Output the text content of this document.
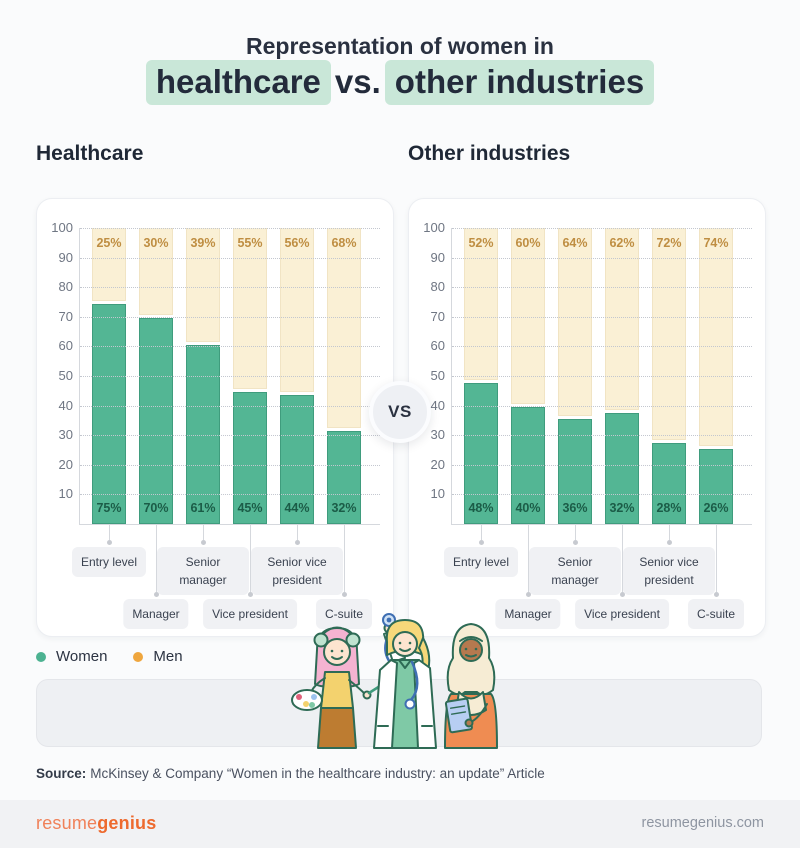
Representation of women in
healthcare vs. other industries
Healthcare	Other industries
25%
75%
Entry level
30%
70%
Manager
39%
61%
Senior manager
55%
45%
Vice president
56%
44%
Senior vice president
68%
32%
C-suite
10
20
30
40
50
60
70
80
90
100
52%
48%
Entry level
60%
40%
Manager
64%
36%
Senior manager
62%
32%
Vice president
72%
28%
Senior vice president
74%
26%
C-suite
10
20
30
40
50
60
70
80
90
100
VS
Women	Men
Source: McKinsey & Company “Women in the healthcare industry: an update” Article
resumegenius	resumegenius.com
